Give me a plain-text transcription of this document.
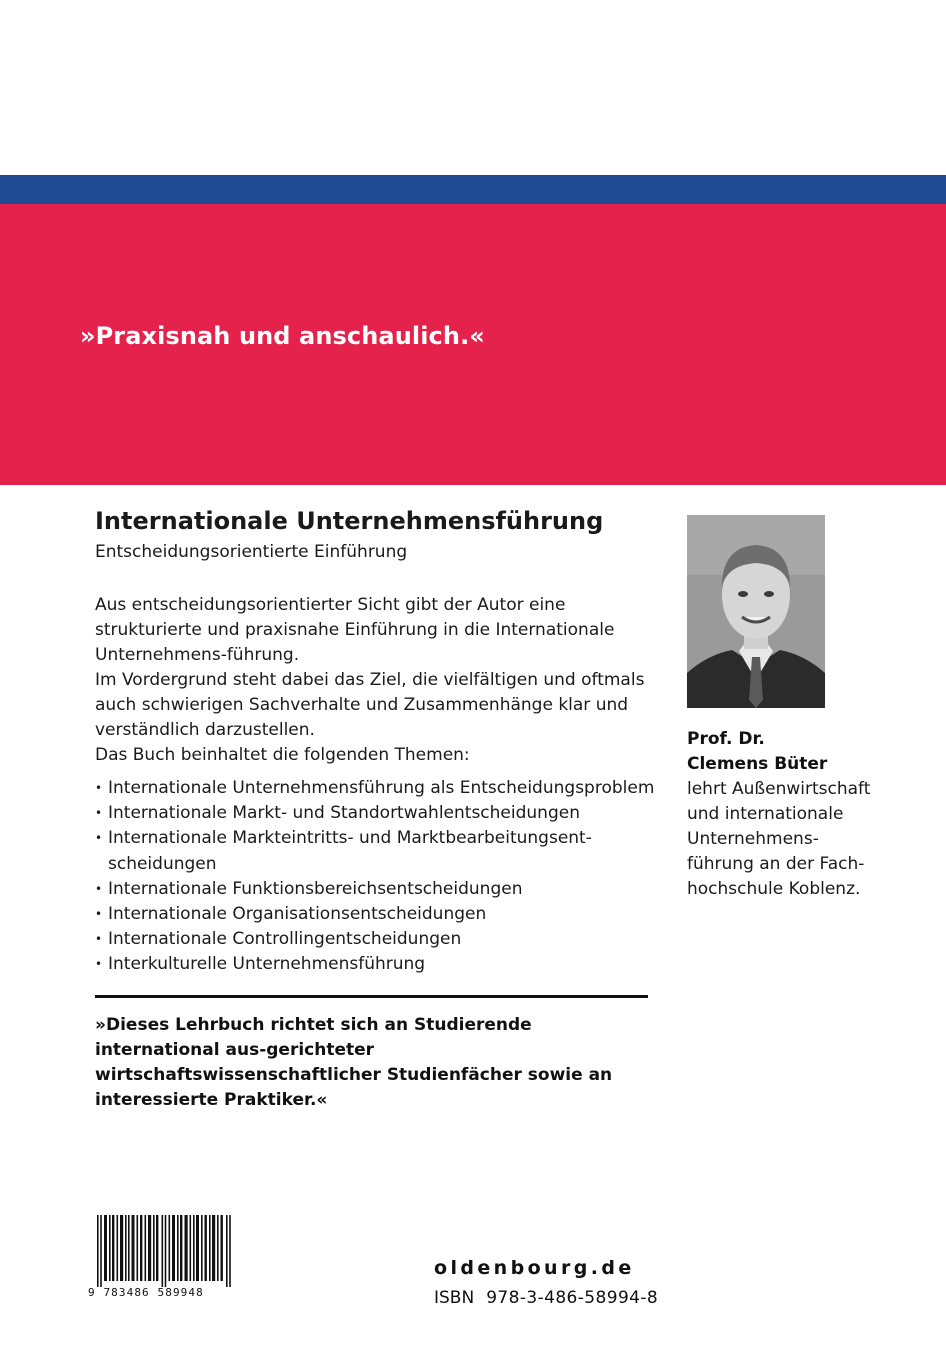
»Praxisnah und anschaulich.«
Internationale Unternehmensführung
Entscheidungsorientierte Einführung

Aus entscheidungsorientierter Sicht gibt der Autor eine strukturierte und praxisnahe Einführung in die Internationale Unternehmens-führung.

Im Vordergrund steht dabei das Ziel, die vielfältigen und oftmals auch schwierigen Sachverhalte und Zusammenhänge klar und verständlich darzustellen.

Das Buch beinhaltet die folgenden Themen:
• Internationale Unternehmensführung als Entscheidungsproblem
• Internationale Markt- und Standortwahlentscheidungen
• Internationale Markteintritts- und Marktbearbeitungsent-scheidungen
• Internationale Funktionsbereichsentscheidungen
• Internationale Organisationsentscheidungen
• Internationale Controllingentscheidungen
• Interkulturelle Unternehmensführung
»Dieses Lehrbuch richtet sich an Studierende international aus-gerichteter wirtschaftswissenschaftlicher Studienfächer sowie an interessierte Praktiker.«
Prof. Dr.
Clemens Büter
lehrt Außenwirtschaft und internationale Unternehmens-führung an der Fach-hochschule Koblenz.
9 783486 589948
oldenbourg.de
ISBN 978-3-486-58994-8
